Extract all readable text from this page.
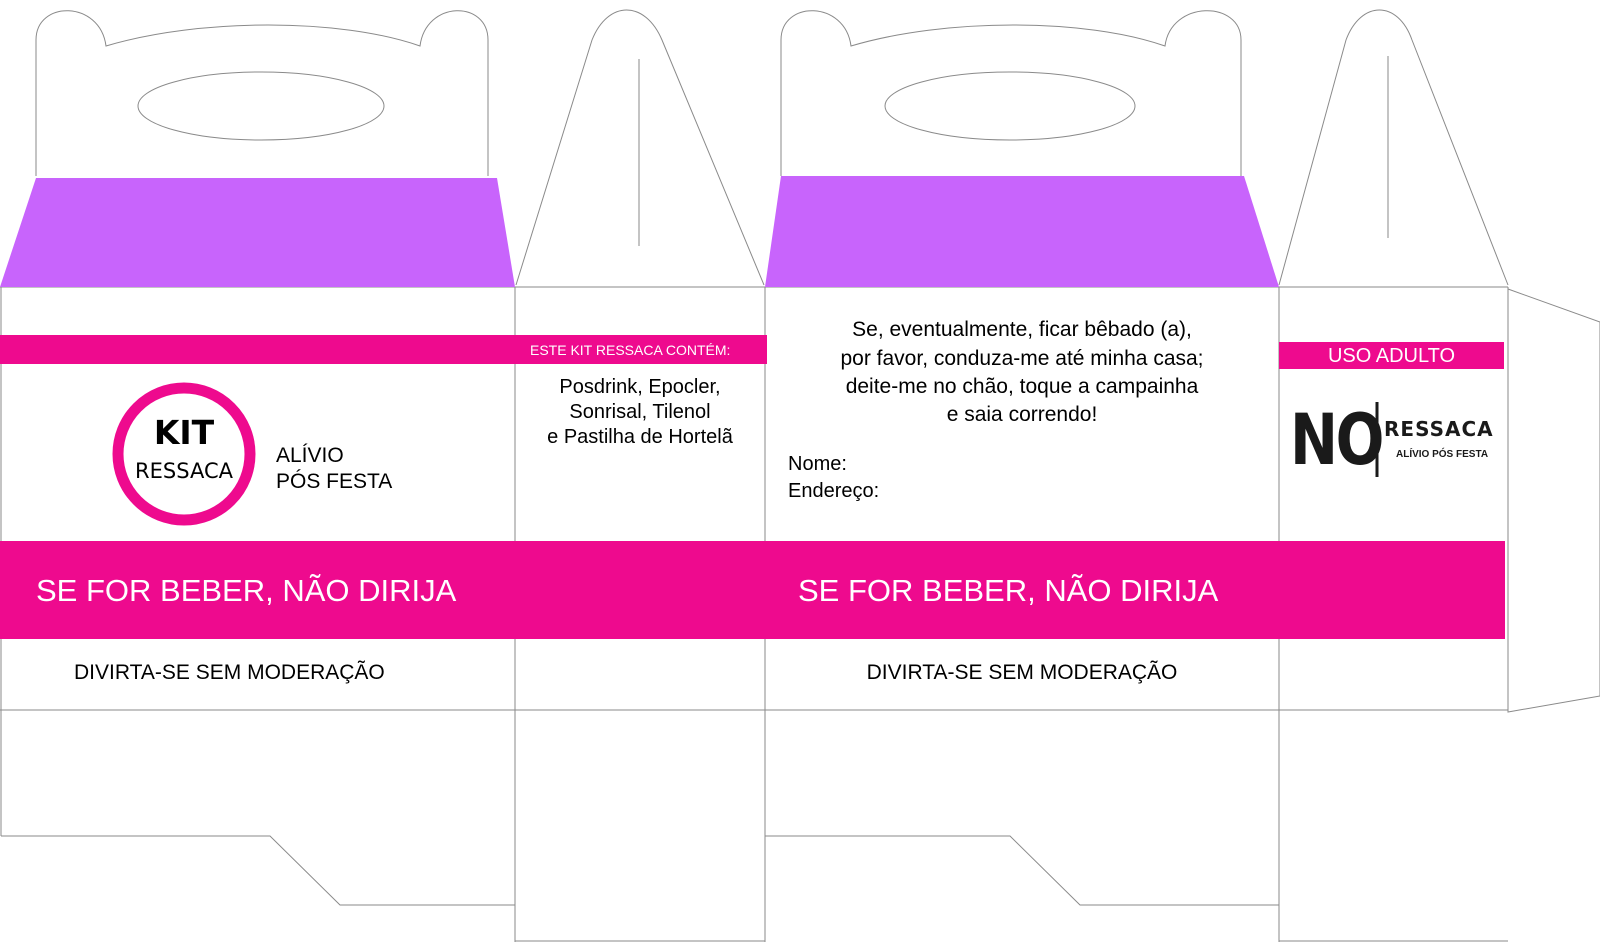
KIT
RESSACA
ALÍVIO
PÓS FESTA
SE FOR BEBER, NÃO DIRIJA
DIVIRTA-SE SEM MODERAÇÃO
ESTE KIT RESSACA CONTÉM:
Posdrink, Epocler,
Sonrisal, Tilenol
e Pastilha de Hortelã
Se, eventualmente, ficar bêbado (a),
por favor, conduza-me até minha casa;
deite-me no chão, toque a campainha
e saia correndo!
Nome:
Endereço:
SE FOR BEBER, NÃO DIRIJA
DIVIRTA-SE SEM MODERAÇÃO
USO ADULTO
NO RESSACA
ALÍVIO PÓS FESTA
